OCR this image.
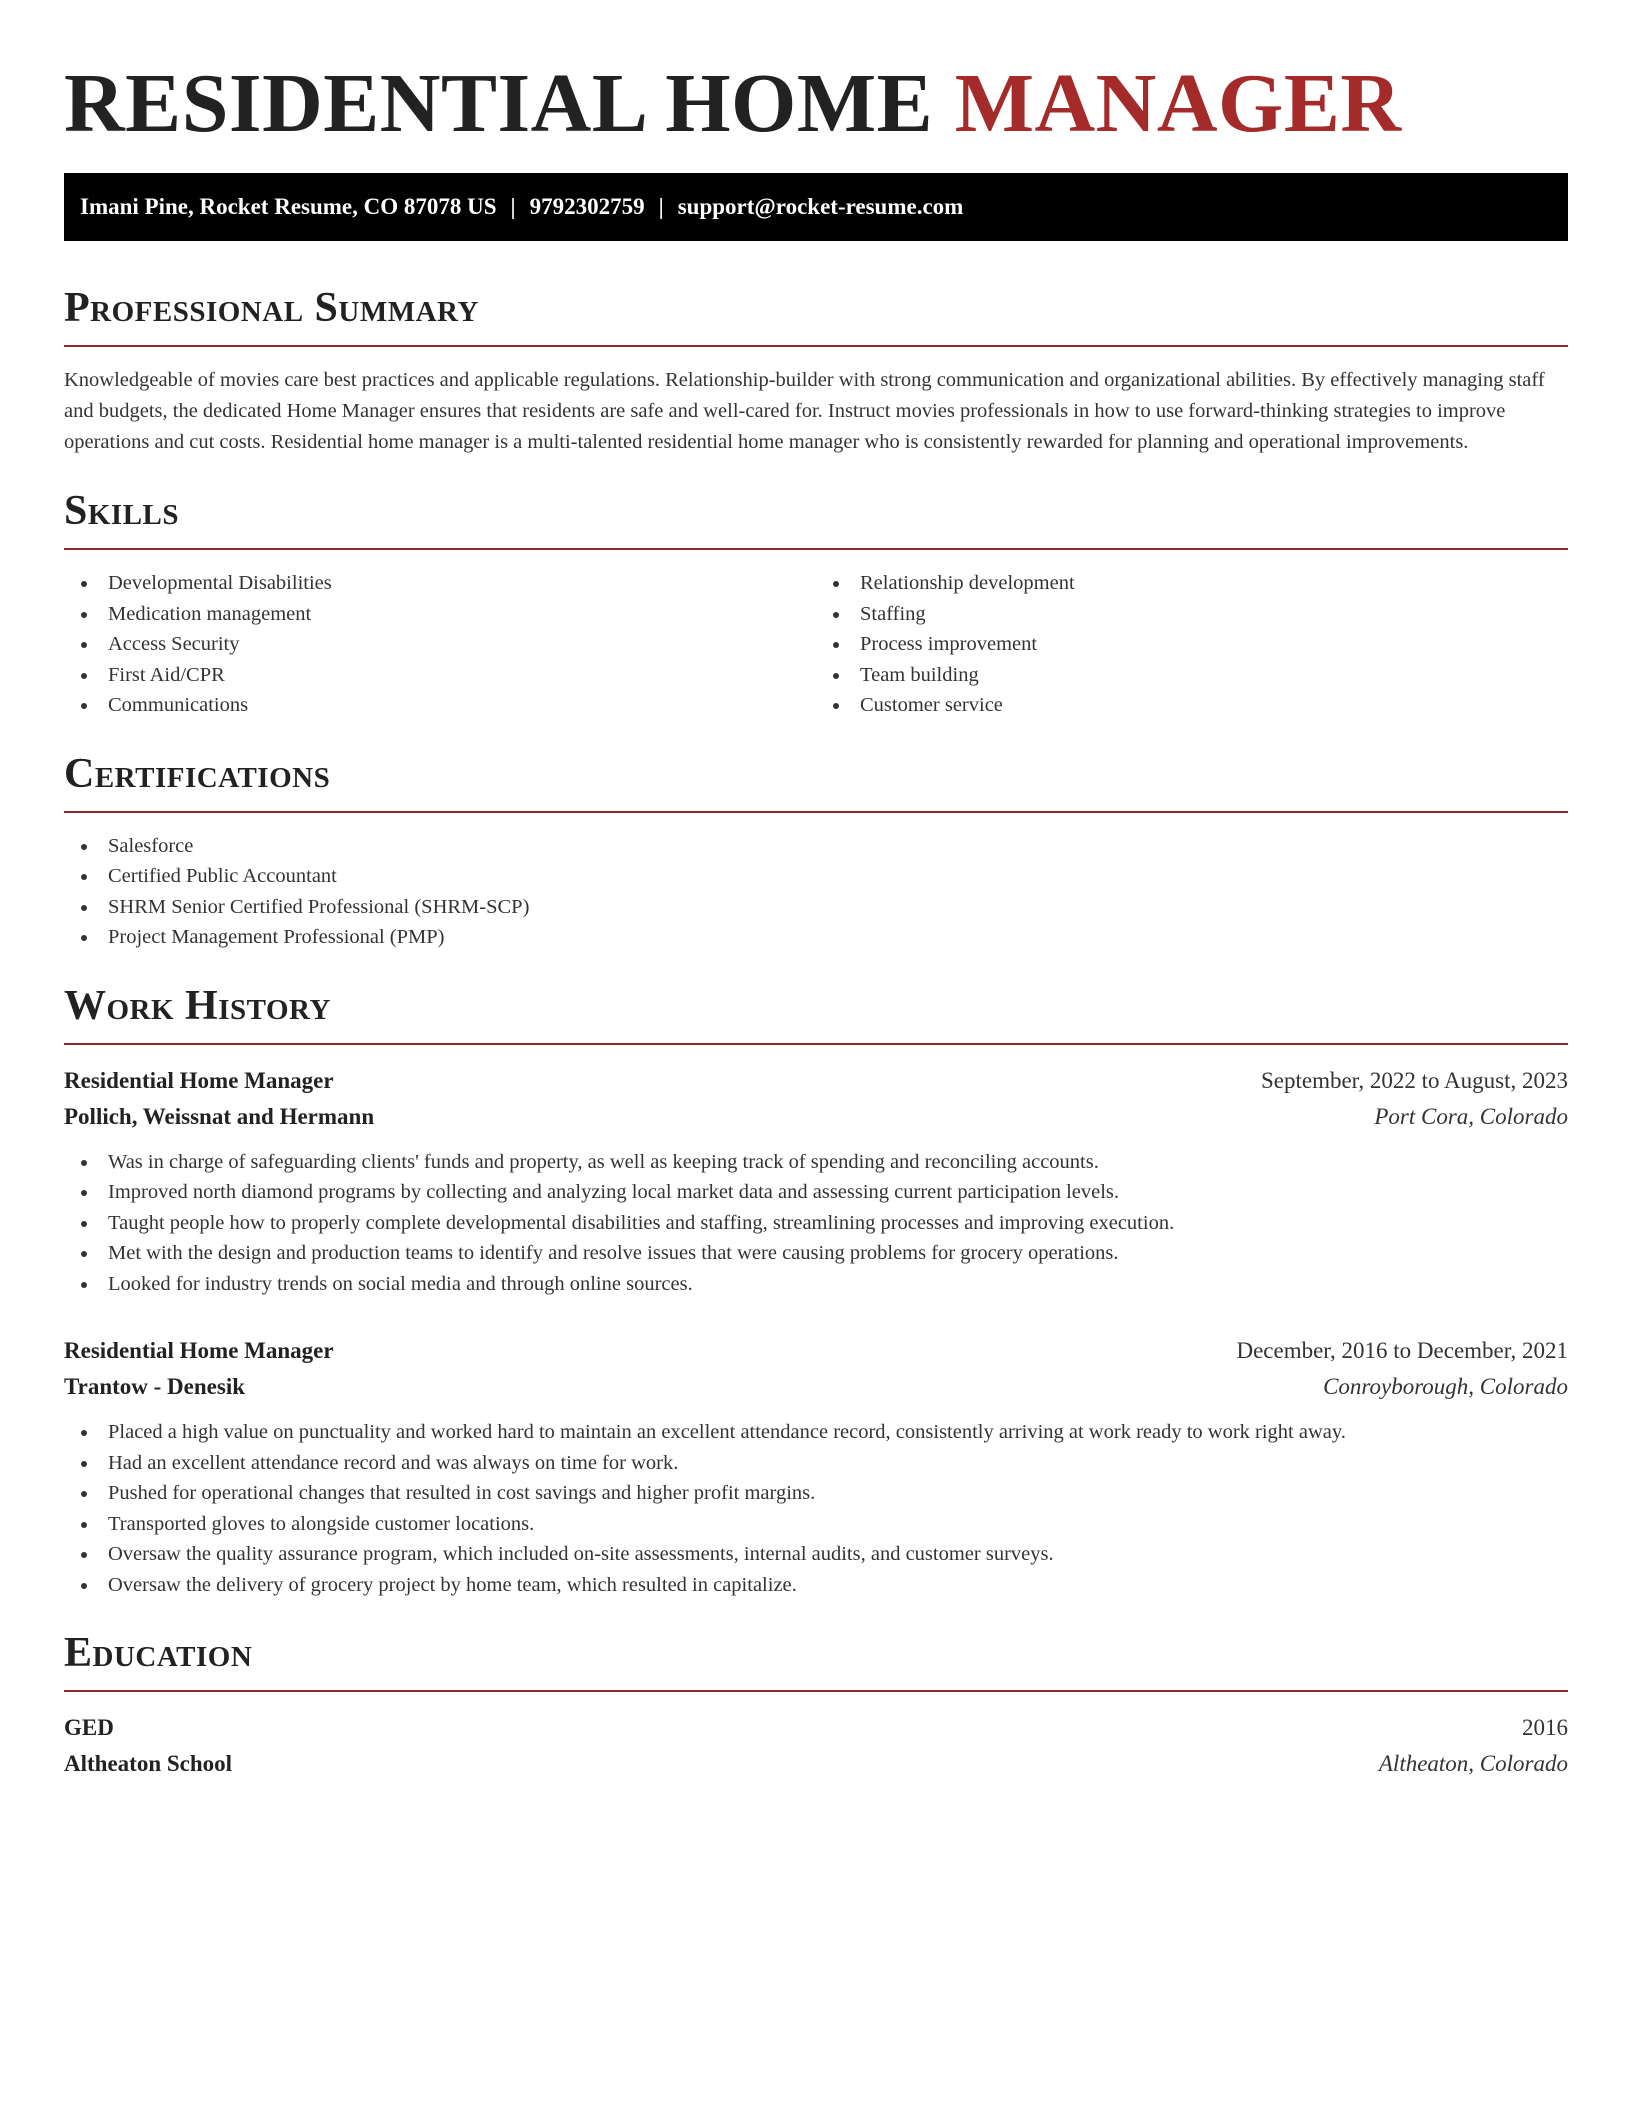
RESIDENTIAL HOME MANAGER
Imani Pine, Rocket Resume, CO 87078 US | 9792302759 | support@rocket-resume.com
Professional Summary

Knowledgeable of movies care best practices and applicable regulations. Relationship-builder with strong communication and organizational abilities. By effectively managing staff and budgets, the dedicated Home Manager ensures that residents are safe and well-cared for. Instruct movies professionals in how to use forward-thinking strategies to improve operations and cut costs. Residential home manager is a multi-talented residential home manager who is consistently rewarded for planning and operational improvements.

Skills
Developmental Disabilities
Medication management
Access Security
First Aid/CPR
Communications
Relationship development
Staffing
Process improvement
Team building
Customer service
Certifications
Salesforce
Certified Public Accountant
SHRM Senior Certified Professional (SHRM-SCP)
Project Management Professional (PMP)
Work History
Residential Home Manager	September, 2022 to August, 2023
Pollich, Weissnat and Hermann	Port Cora, Colorado
Was in charge of safeguarding clients' funds and property, as well as keeping track of spending and reconciling accounts.
Improved north diamond programs by collecting and analyzing local market data and assessing current participation levels.
Taught people how to properly complete developmental disabilities and staffing, streamlining processes and improving execution.
Met with the design and production teams to identify and resolve issues that were causing problems for grocery operations.
Looked for industry trends on social media and through online sources.
Residential Home Manager	December, 2016 to December, 2021
Trantow - Denesik	Conroyborough, Colorado
Placed a high value on punctuality and worked hard to maintain an excellent attendance record, consistently arriving at work ready to work right away.
Had an excellent attendance record and was always on time for work.
Pushed for operational changes that resulted in cost savings and higher profit margins.
Transported gloves to alongside customer locations.
Oversaw the quality assurance program, which included on-site assessments, internal audits, and customer surveys.
Oversaw the delivery of grocery project by home team, which resulted in capitalize.
Education
GED	2016
Altheaton School	Altheaton, Colorado
